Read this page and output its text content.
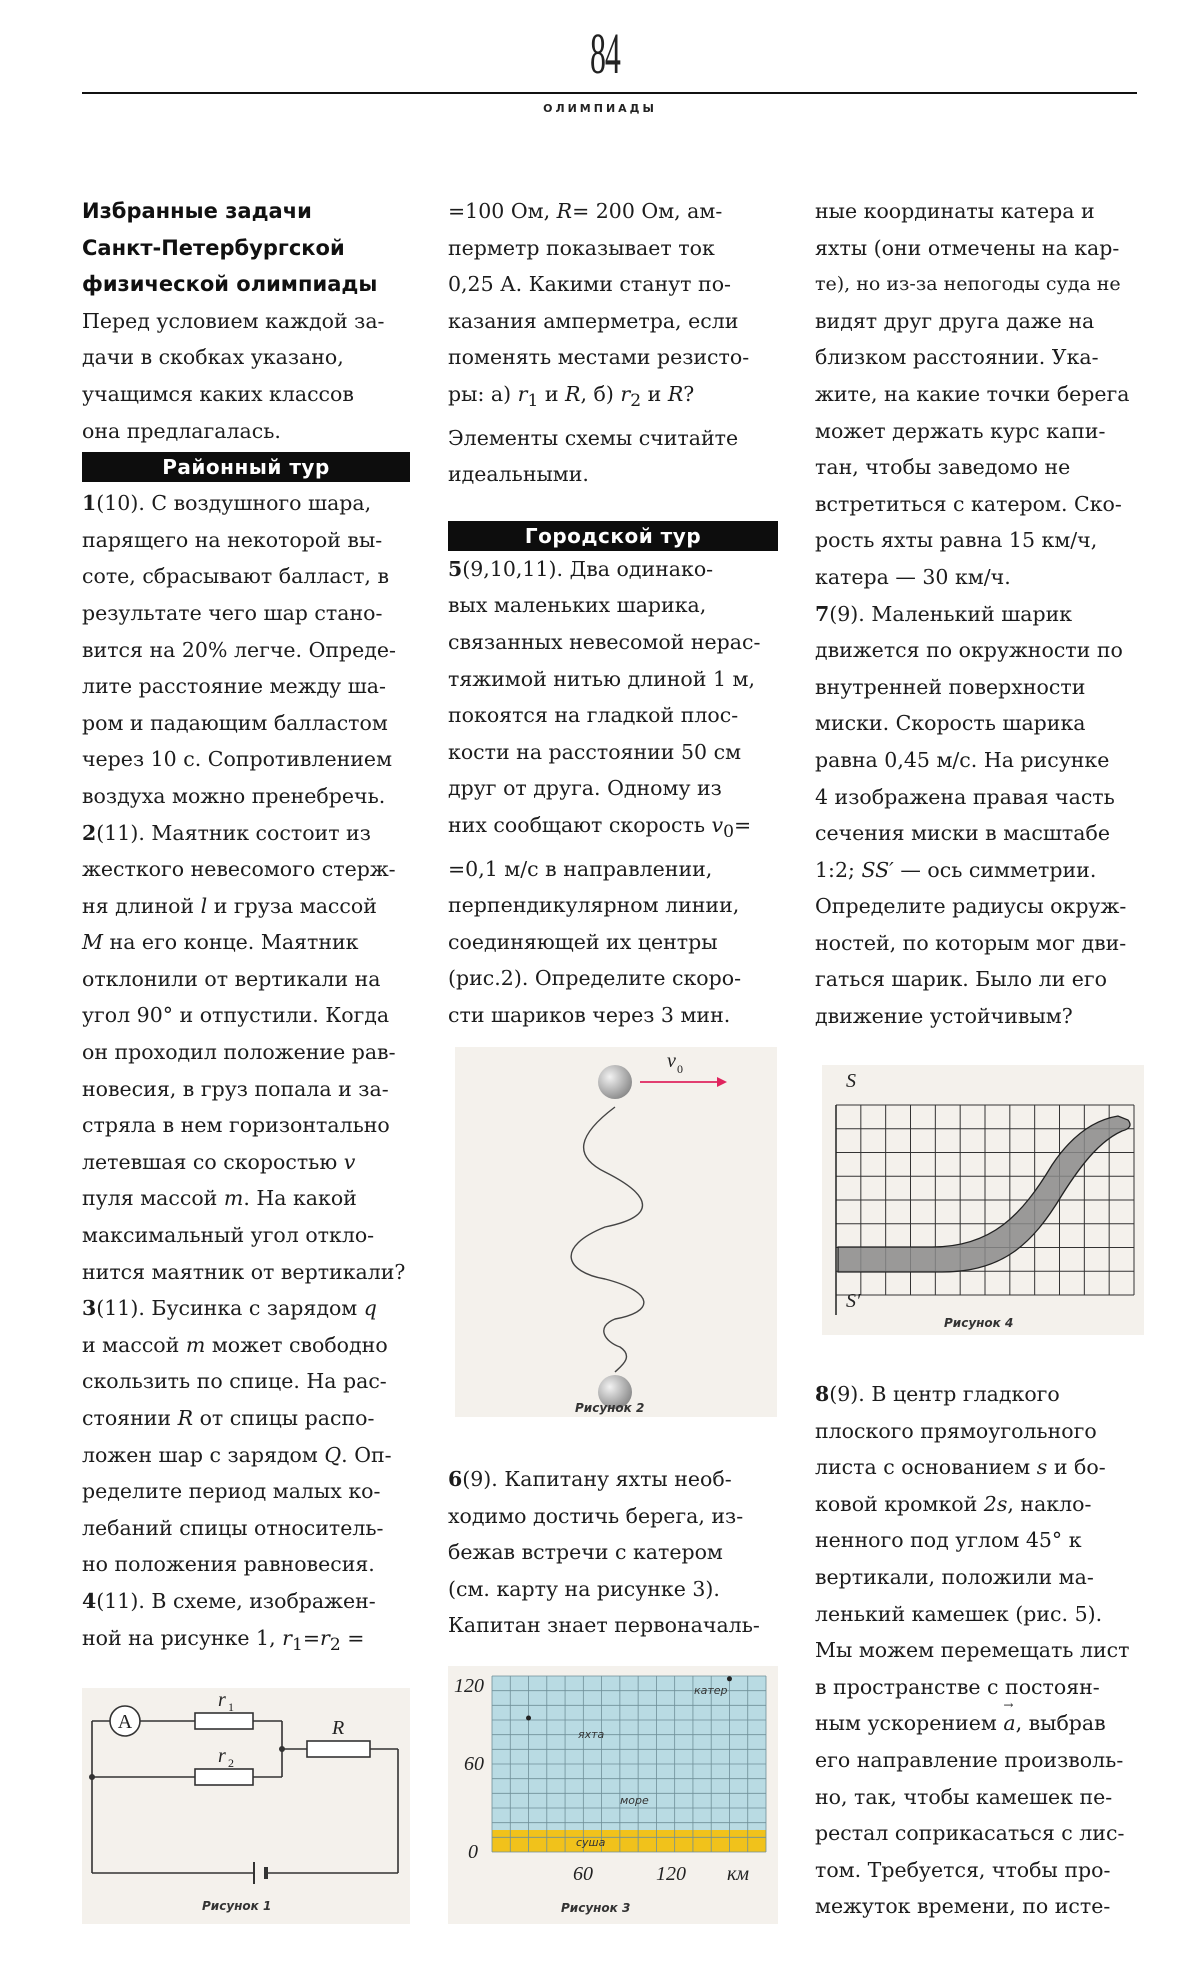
84
ОЛИМПИАДЫ
Избранные задачи
Санкт-Петербургской
физической олимпиады
Перед условием каждой за-
дачи в скобках указано,
учащимся каких классов
она предлагалась.
Районный тур
1(10). С воздушного шара,
парящего на некоторой вы-
соте, сбрасывают балласт, в
результате чего шар стано-
вится на 20% легче. Опреде-
лите расстояние между ша-
ром и падающим балластом
через 10 с. Сопротивлением
воздуха можно пренебречь.
2(11). Маятник состоит из
жесткого невесомого стерж-
ня длиной l и груза массой
M на его конце. Маятник
отклонили от вертикали на
угол 90° и отпустили. Когда
он проходил положение рав-
новесия, в груз попала и за-
стряла в нем горизонтально
летевшая со скоростью v
пуля массой m. На какой
максимальный угол откло-
нится маятник от вертикали?
3(11). Бусинка с зарядом q
и массой m может свободно
скользить по спице. На рас-
стоянии R от спицы распо-
ложен шар с зарядом Q. Оп-
ределите период малых ко-
лебаний спицы относитель-
но положения равновесия.
4(11). В схеме, изображен-
ной на рисунке 1, $r_1=r_2$ =
A
r 1
r 2
R
Рисунок 1
=100 Ом, R= 200 Ом, ам-
перметр показывает ток
0,25 А. Какими станут по-
казания амперметра, если
поменять местами резисто-
ры: а) $r_1$ и R, б) $r_2$ и R? Элементы схемы считайте
идеальными.
Городской тур
5(9,10,11). Два одинако-
вых маленьких шарика,
связанных невесомой нерас-
тяжимой нитью длиной 1 м,
покоятся на гладкой плос-
кости на расстоянии 50 см
друг от друга. Одному из
них сообщают скорость $v_0=$
=0,1 м/с в направлении,
перпендикулярном линии,
соединяющей их центры
(рис.2). Определите скоро-
сти шариков через 3 мин.
v 0
Рисунок 2
6(9). Капитану яхты необ-
ходимо достичь берега, из-
бежав встречи с катером
(см. карту на рисунке 3).
Капитан знает первоначаль-
120
60
0
60	120 км
яхта
катер
море
суша
Рисунок 3
ные координаты катера и
яхты (они отмечены на кар-
те), но из-за непогоды суда не
видят друг друга даже на
близком расстоянии. Ука-
жите, на какие точки берега
может держать курс капи-
тан, чтобы заведомо не
встретиться с катером. Ско-
рость яхты равна 15 км/ч,
катера — 30 км/ч.
7(9). Маленький шарик
движется по окружности по
внутренней поверхности
миски. Скорость шарика
равна 0,45 м/с. На рисунке
4 изображена правая часть
сечения миски в масштабе
1:2; SS′ — ось симметрии.
Определите радиусы окруж-
ностей, по которым мог дви-
гаться шарик. Было ли его
движение устойчивым?
S
S′
Рисунок 4
8(9). В центр гладкого
плоского прямоугольного
листа с основанием s и бо-
ковой кромкой 2s, накло-
ненного под углом 45° к
вертикали, положили ма-
ленький камешек (рис. 5).
Мы можем перемещать лист
в пространстве с постоян-
ным ускорением a
→
, выбрав
его направление произволь-
но, так, чтобы камешек пе-
рестал соприкасаться с лис-
том. Требуется, чтобы про-
межуток времени, по исте-
